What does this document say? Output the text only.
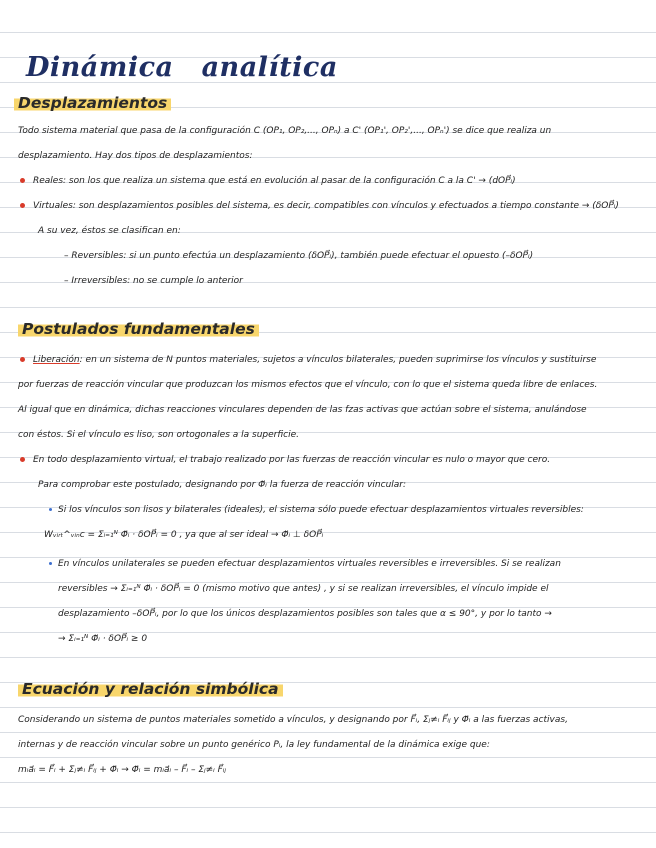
Dinámica analítica
Desplazamientos
Todo sistema material que pasa de la configuración C (OP₁, OP₂,..., OPₙ) a C' (OP₁', OP₂',..., OPₙ') se dice que realiza un
desplazamiento. Hay dos tipos de desplazamientos:
Reales: son los que realiza un sistema que está en evolución al pasar de la configuración C a la C' → (dOP⃗ᵢ)
Virtuales: son desplazamientos posibles del sistema, es decir, compatibles con vínculos y efectuados a tiempo constante → (δOP⃗ᵢ)
A su vez, éstos se clasifican en:
– Reversibles: si un punto efectúa un desplazamiento (δOP⃗ᵢ), también puede efectuar el opuesto (–δOP⃗ᵢ)
– Irreversibles: no se cumple lo anterior
Postulados fundamentales
Liberación: en un sistema de N puntos materiales, sujetos a vínculos bilaterales, pueden suprimirse los vínculos y sustituirse
por fuerzas de reacción vincular que produzcan los mismos efectos que el vínculo, con lo que el sistema queda libre de enlaces.
Al igual que en dinámica, dichas reacciones vinculares dependen de las fzas activas que actúan sobre el sistema, anulándose
con éstos. Si el vínculo es liso, son ortogonales a la superficie.
En todo desplazamiento virtual, el trabajo realizado por las fuerzas de reacción vincular es nulo o mayor que cero.
Para comprobar este postulado, designando por Φ⃗ᵢ la fuerza de reacción vincular:
Si los vínculos son lisos y bilaterales (ideales), el sistema sólo puede efectuar desplazamientos virtuales reversibles:
Wᵥᵢᵣₜ^ᵥᵢₙc = Σᵢ₌₁ᴺ Φ⃗ᵢ · δOP⃗ᵢ = 0 , ya que al ser ideal → Φ⃗ᵢ ⊥ δOP⃗ᵢ
En vínculos unilaterales se pueden efectuar desplazamientos virtuales reversibles e irreversibles. Si se realizan
reversibles → Σᵢ₌₁ᴺ Φ⃗ᵢ · δOP⃗ᵢ = 0 (mismo motivo que antes) , y si se realizan irreversibles, el vínculo impide el
desplazamiento –δOP⃗ᵢ, por lo que los únicos desplazamientos posibles son tales que α ≤ 90°, y por lo tanto →
→ Σᵢ₌₁ᴺ Φ⃗ᵢ · δOP⃗ᵢ ≥ 0
Ecuación y relación simbólica
Considerando un sistema de puntos materiales sometido a vínculos, y designando por F⃗ᵢ, Σⱼ≠ᵢ F⃗ᵢⱼ y Φ⃗ᵢ a las fuerzas activas,
internas y de reacción vincular sobre un punto genérico Pᵢ, la ley fundamental de la dinámica exige que:
mᵢa⃗ᵢ = F⃗ᵢ + Σⱼ≠ᵢ F⃗ᵢⱼ + Φ⃗ᵢ → Φ⃗ᵢ = mᵢa⃗ᵢ – F⃗ᵢ – Σⱼ≠ᵢ F⃗ᵢⱼ
